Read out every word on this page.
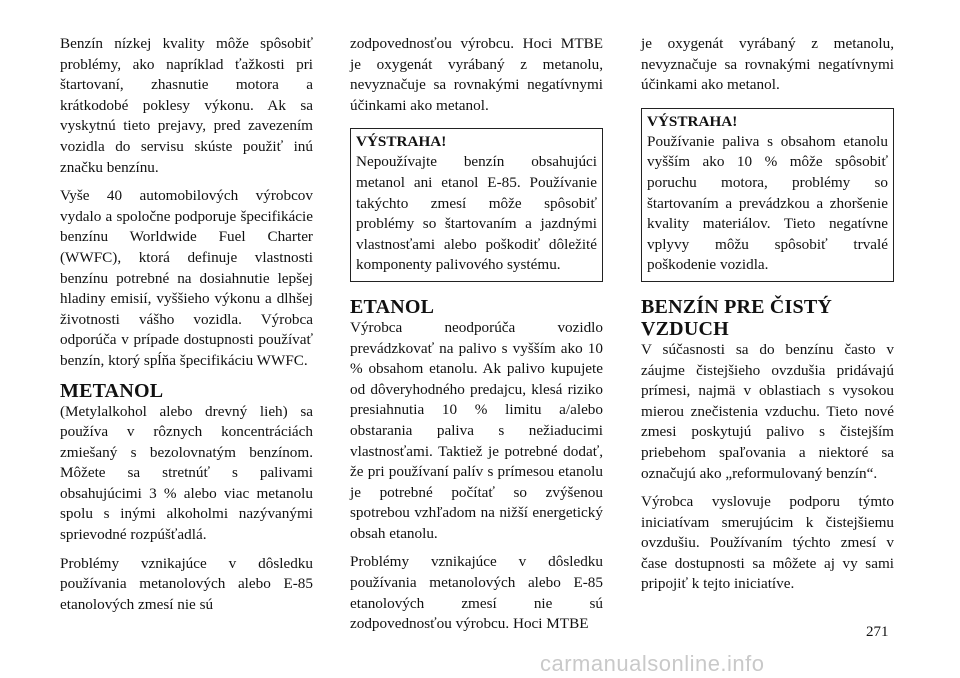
Benzín nízkej kvality môže spôsobiť problémy, ako napríklad ťažkosti pri štartovaní, zhasnutie motora a krátkodobé poklesy výkonu. Ak sa vyskytnú tieto prejavy, pred zavezením vozidla do servisu skúste použiť inú značku benzínu.

Vyše 40 automobilových výrobcov vydalo a spoločne podporuje špecifikácie benzínu Worldwide Fuel Charter (WWFC), ktorá definuje vlastnosti benzínu potrebné na dosiahnutie lepšej hladiny emisií, vyššieho výkonu a dlhšej životnosti vášho vozidla. Výrobca odporúča v prípade dostupnosti používať benzín, ktorý spĺňa špecifikáciu WWFC.

METANOL

(Metylalkohol alebo drevný lieh) sa používa v rôznych koncentráciách zmiešaný s bezolovnatým benzínom. Môžete sa stretnúť s palivami obsahujúcimi 3 % alebo viac metanolu spolu s inými alkoholmi nazývanými sprievodné rozpúšťadlá.

Problémy vznikajúce v dôsledku používania metanolových alebo E-85 etanolových zmesí nie sú

zodpovednosťou výrobcu. Hoci MTBE je oxygenát vyrábaný z metanolu, nevyznačuje sa rovnakými negatívnymi účinkami ako metanol.

VÝSTRAHA!
Nepoužívajte benzín obsahujúci metanol ani etanol E-85. Používanie takýchto zmesí môže spôsobiť problémy so štartovaním a jazdnými vlastnosťami alebo poškodiť dôležité komponenty palivového systému.
ETANOL

Výrobca neodporúča vozidlo prevádzkovať na palivo s vyšším ako 10 % obsahom etanolu. Ak palivo kupujete od dôveryhodného predajcu, klesá riziko presiahnutia 10 % limitu a/alebo obstarania paliva s nežiaducimi vlastnosťami. Taktiež je potrebné dodať, že pri používaní palív s prímesou etanolu je potrebné počítať so zvýšenou spotrebou vzhľadom na nižší energetický obsah etanolu.

Problémy vznikajúce v dôsledku používania metanolových alebo E-85 etanolových zmesí nie sú zodpovednosťou výrobcu. Hoci MTBE

je oxygenát vyrábaný z metanolu, nevyznačuje sa rovnakými negatívnymi účinkami ako metanol.

VÝSTRAHA!
Používanie paliva s obsahom etanolu vyšším ako 10 % môže spôsobiť poruchu motora, problémy so štartovaním a prevádzkou a zhoršenie kvality materiálov. Tieto negatívne vplyvy môžu spôsobiť trvalé poškodenie vozidla.
BENZÍN PRE ČISTÝ VZDUCH

V súčasnosti sa do benzínu často v záujme čistejšieho ovzdušia pridávajú prímesi, najmä v oblastiach s vysokou mierou znečistenia vzduchu. Tieto nové zmesi poskytujú palivo s čistejším priebehom spaľovania a niektoré sa označujú ako „reformulovaný benzín“.

Výrobca vyslovuje podporu týmto iniciatívam smerujúcim k čistejšiemu ovzdušiu. Používaním týchto zmesí v čase dostupnosti sa môžete aj vy sami pripojiť k tejto iniciatíve.

271
carmanualsonline.info
